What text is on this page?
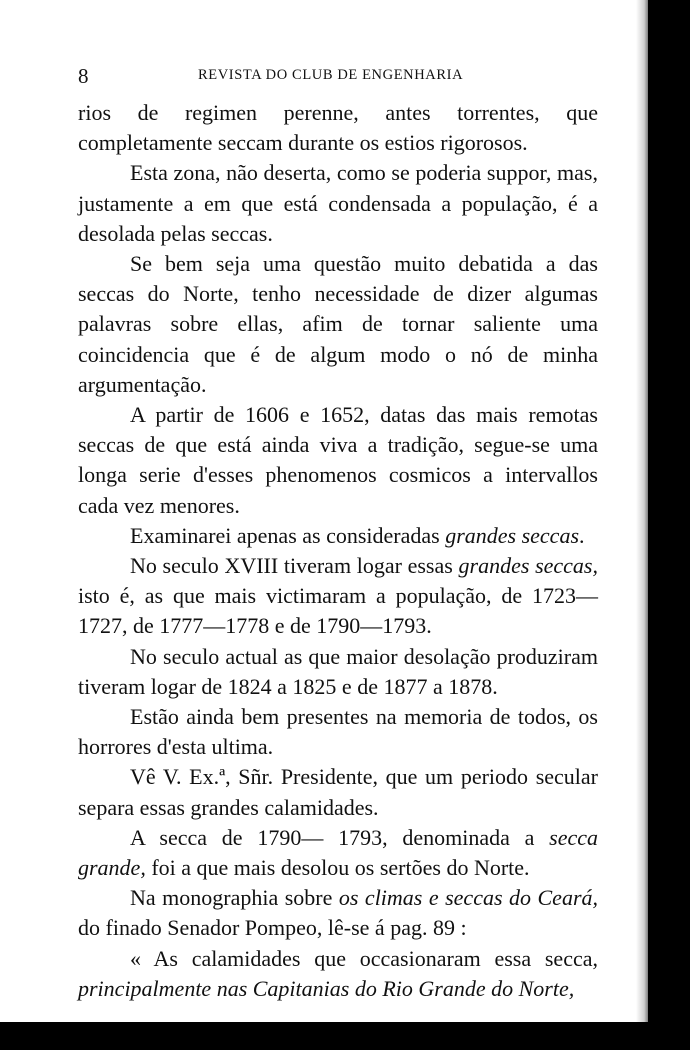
8	REVISTA DO CLUB DE ENGENHARIA

rios de regimen perenne, antes torrentes, que completamente seccam durante os estios rigorosos.

Esta zona, não deserta, como se poderia suppor, mas, justamente a em que está condensada a população, é a desolada pelas seccas.

Se bem seja uma questão muito debatida a das seccas do Norte, tenho necessidade de dizer algumas palavras sobre ellas, afim de tornar saliente uma coincidencia que é de algum modo o nó de minha argumentação.

A partir de 1606 e 1652, datas das mais remotas seccas de que está ainda viva a tradição, segue-se uma longa serie d'esses phenomenos cosmicos a intervallos cada vez menores.

Examinarei apenas as consideradas grandes seccas.

No seculo XVIII tiveram logar essas grandes seccas, isto é, as que mais victimaram a população, de 1723—1727, de 1777—1778 e de 1790—1793.

No seculo actual as que maior desolação produziram tiveram logar de 1824 a 1825 e de 1877 a 1878.

Estão ainda bem presentes na memoria de todos, os horrores d'esta ultima.

Vê V. Ex.ª, Sñr. Presidente, que um periodo secular separa essas grandes calamidades.

A secca de 1790— 1793, denominada a secca grande, foi a que mais desolou os sertões do Norte.

Na monographia sobre os climas e seccas do Ceará, do finado Senador Pompeo, lê-se á pag. 89 :

« As calamidades que occasionaram essa secca, principalmente nas Capitanias do Rio Grande do Norte,
